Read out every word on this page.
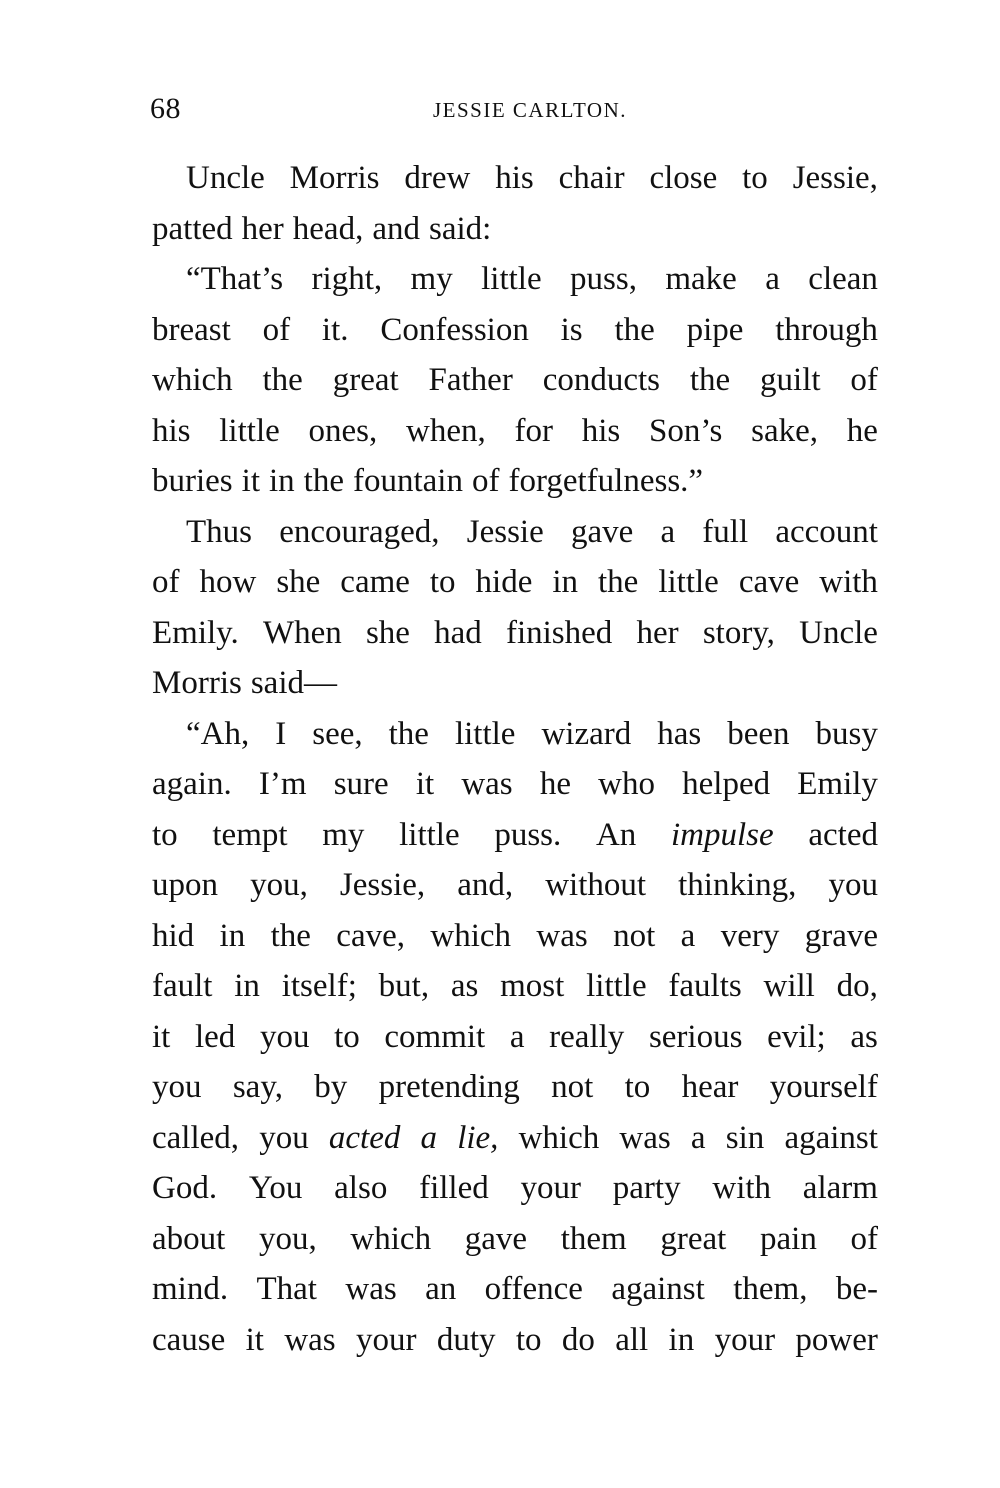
68	JESSIE CARLTON.
Uncle Morris drew his chair close to Jessie,
patted her head, and said:
“That’s right, my little puss, make a clean
breast of it. Confession is the pipe through
which the great Father conducts the guilt of
his little ones, when, for his Son’s sake, he
buries it in the fountain of forgetfulness.”
Thus encouraged, Jessie gave a full account
of how she came to hide in the little cave with
Emily. When she had finished her story, Uncle
Morris said—
“Ah, I see, the little wizard has been busy
again. I’m sure it was he who helped Emily
to tempt my little puss. An impulse acted
upon you, Jessie, and, without thinking, you
hid in the cave, which was not a very grave
fault in itself; but, as most little faults will do,
it led you to commit a really serious evil; as
you say, by pretending not to hear yourself
called, you acted a lie, which was a sin against
God. You also filled your party with alarm
about you, which gave them great pain of
mind. That was an offence against them, be-
cause it was your duty to do all in your power
